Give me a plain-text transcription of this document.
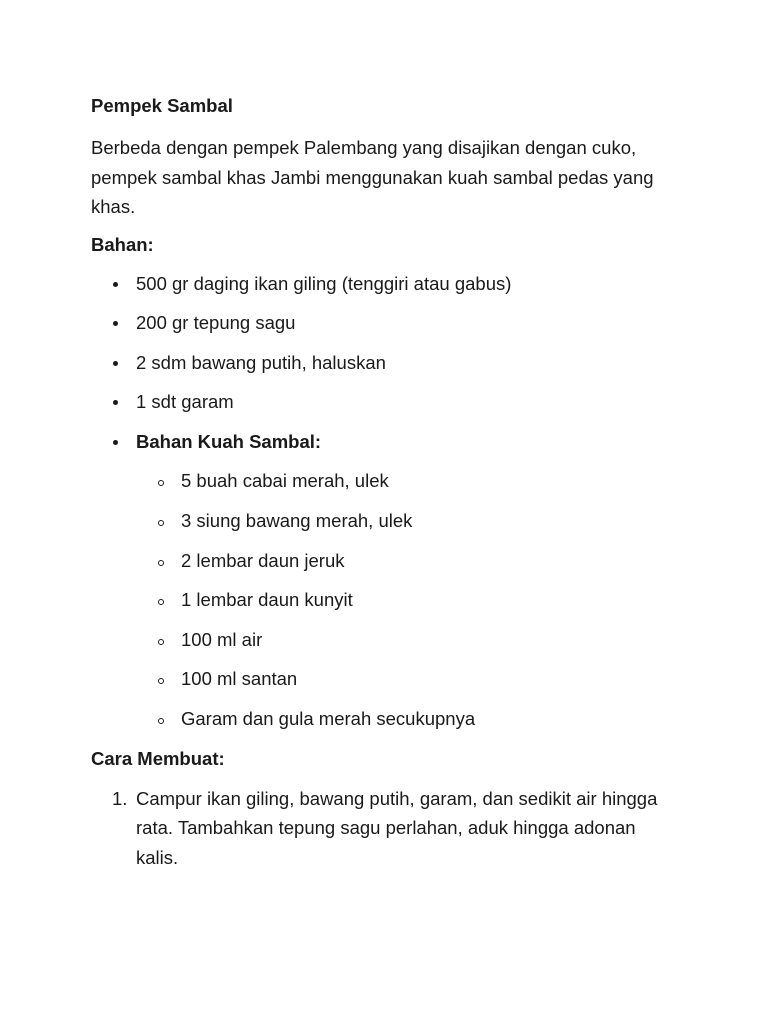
Pempek Sambal

Berbeda dengan pempek Palembang yang disajikan dengan cuko, pempek sambal khas Jambi menggunakan kuah sambal pedas yang khas.

Bahan:

500 gr daging ikan giling (tenggiri atau gabus)
200 gr tepung sagu
2 sdm bawang putih, haluskan
1 sdt garam
Bahan Kuah Sambal:
5 buah cabai merah, ulek
3 siung bawang merah, ulek
2 lembar daun jeruk
1 lembar daun kunyit
100 ml air
100 ml santan
Garam dan gula merah secukupnya

Cara Membuat:

1. Campur ikan giling, bawang putih, garam, dan sedikit air hingga rata. Tambahkan tepung sagu perlahan, aduk hingga adonan kalis.
